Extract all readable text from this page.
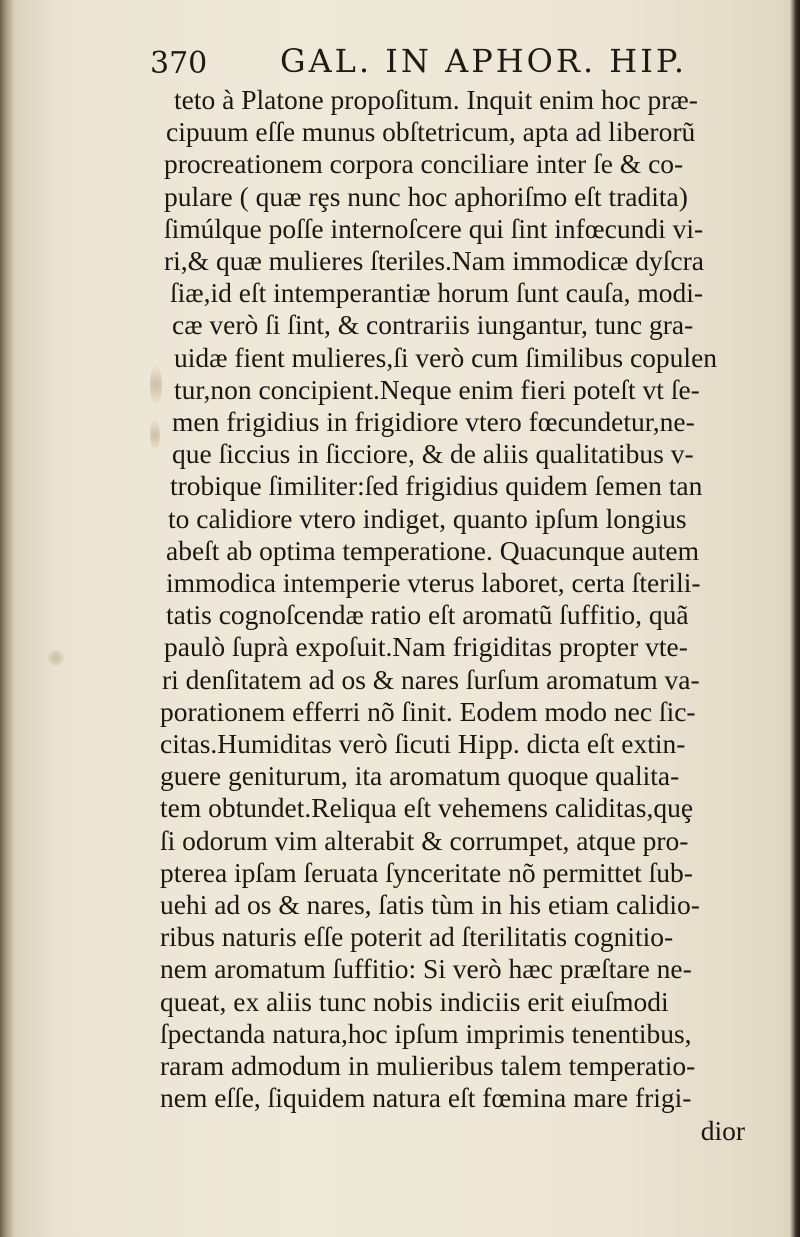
370 GAL. IN APHOR. HIP.
teto à Platone propoſitum. Inquit enim hoc præ-
cipuum eſſe munus obſtetricum, apta ad liberorũ
procreationem corpora conciliare inter ſe & co-
pulare ( quæ rȩs nunc hoc aphoriſmo eſt tradita)
ſimúlque poſſe internoſcere qui ſint infœcundi vi-
ri,& quæ mulieres ſteriles.Nam immodicæ dyſcra
ſiæ,id eſt intemperantiæ horum ſunt cauſa, modi-
cæ verò ſi ſint, & contrariis iungantur, tunc gra-
uidæ fient mulieres,ſi verò cum ſimilibus copulen
tur,non concipient.Neque enim fieri poteſt vt ſe-
men frigidius in frigidiore vtero fœcundetur,ne-
que ſiccius in ſicciore, & de aliis qualitatibus v-
trobique ſimiliter:ſed frigidius quidem ſemen tan
to calidiore vtero indiget, quanto ipſum longius
abeſt ab optima temperatione. Quacunque autem
immodica intemperie vterus laboret, certa ſterili-
tatis cognoſcendæ ratio eſt aromatũ ſuffitio, quã
paulò ſuprà expoſuit.Nam frigiditas propter vte-
ri denſitatem ad os & nares ſurſum aromatum va-
porationem efferri nõ ſinit. Eodem modo nec ſic-
citas.Humiditas verò ſicuti Hipp. dicta eſt extin-
guere geniturum, ita aromatum quoque qualita-
tem obtundet.Reliqua eſt vehemens caliditas,quȩ
ſi odorum vim alterabit & corrumpet, atque pro-
pterea ipſam ſeruata ſynceritate nõ permittet ſub-
uehi ad os & nares, ſatis tùm in his etiam calidio-
ribus naturis eſſe poterit ad ſterilitatis cognitio-
nem aromatum ſuffitio: Si verò hæc præſtare ne-
queat, ex aliis tunc nobis indiciis erit eiuſmodi
ſpectanda natura,hoc ipſum imprimis tenentibus,
raram admodum in mulieribus talem temperatio-
nem eſſe, ſiquidem natura eſt fœmina mare frigi-
dior
